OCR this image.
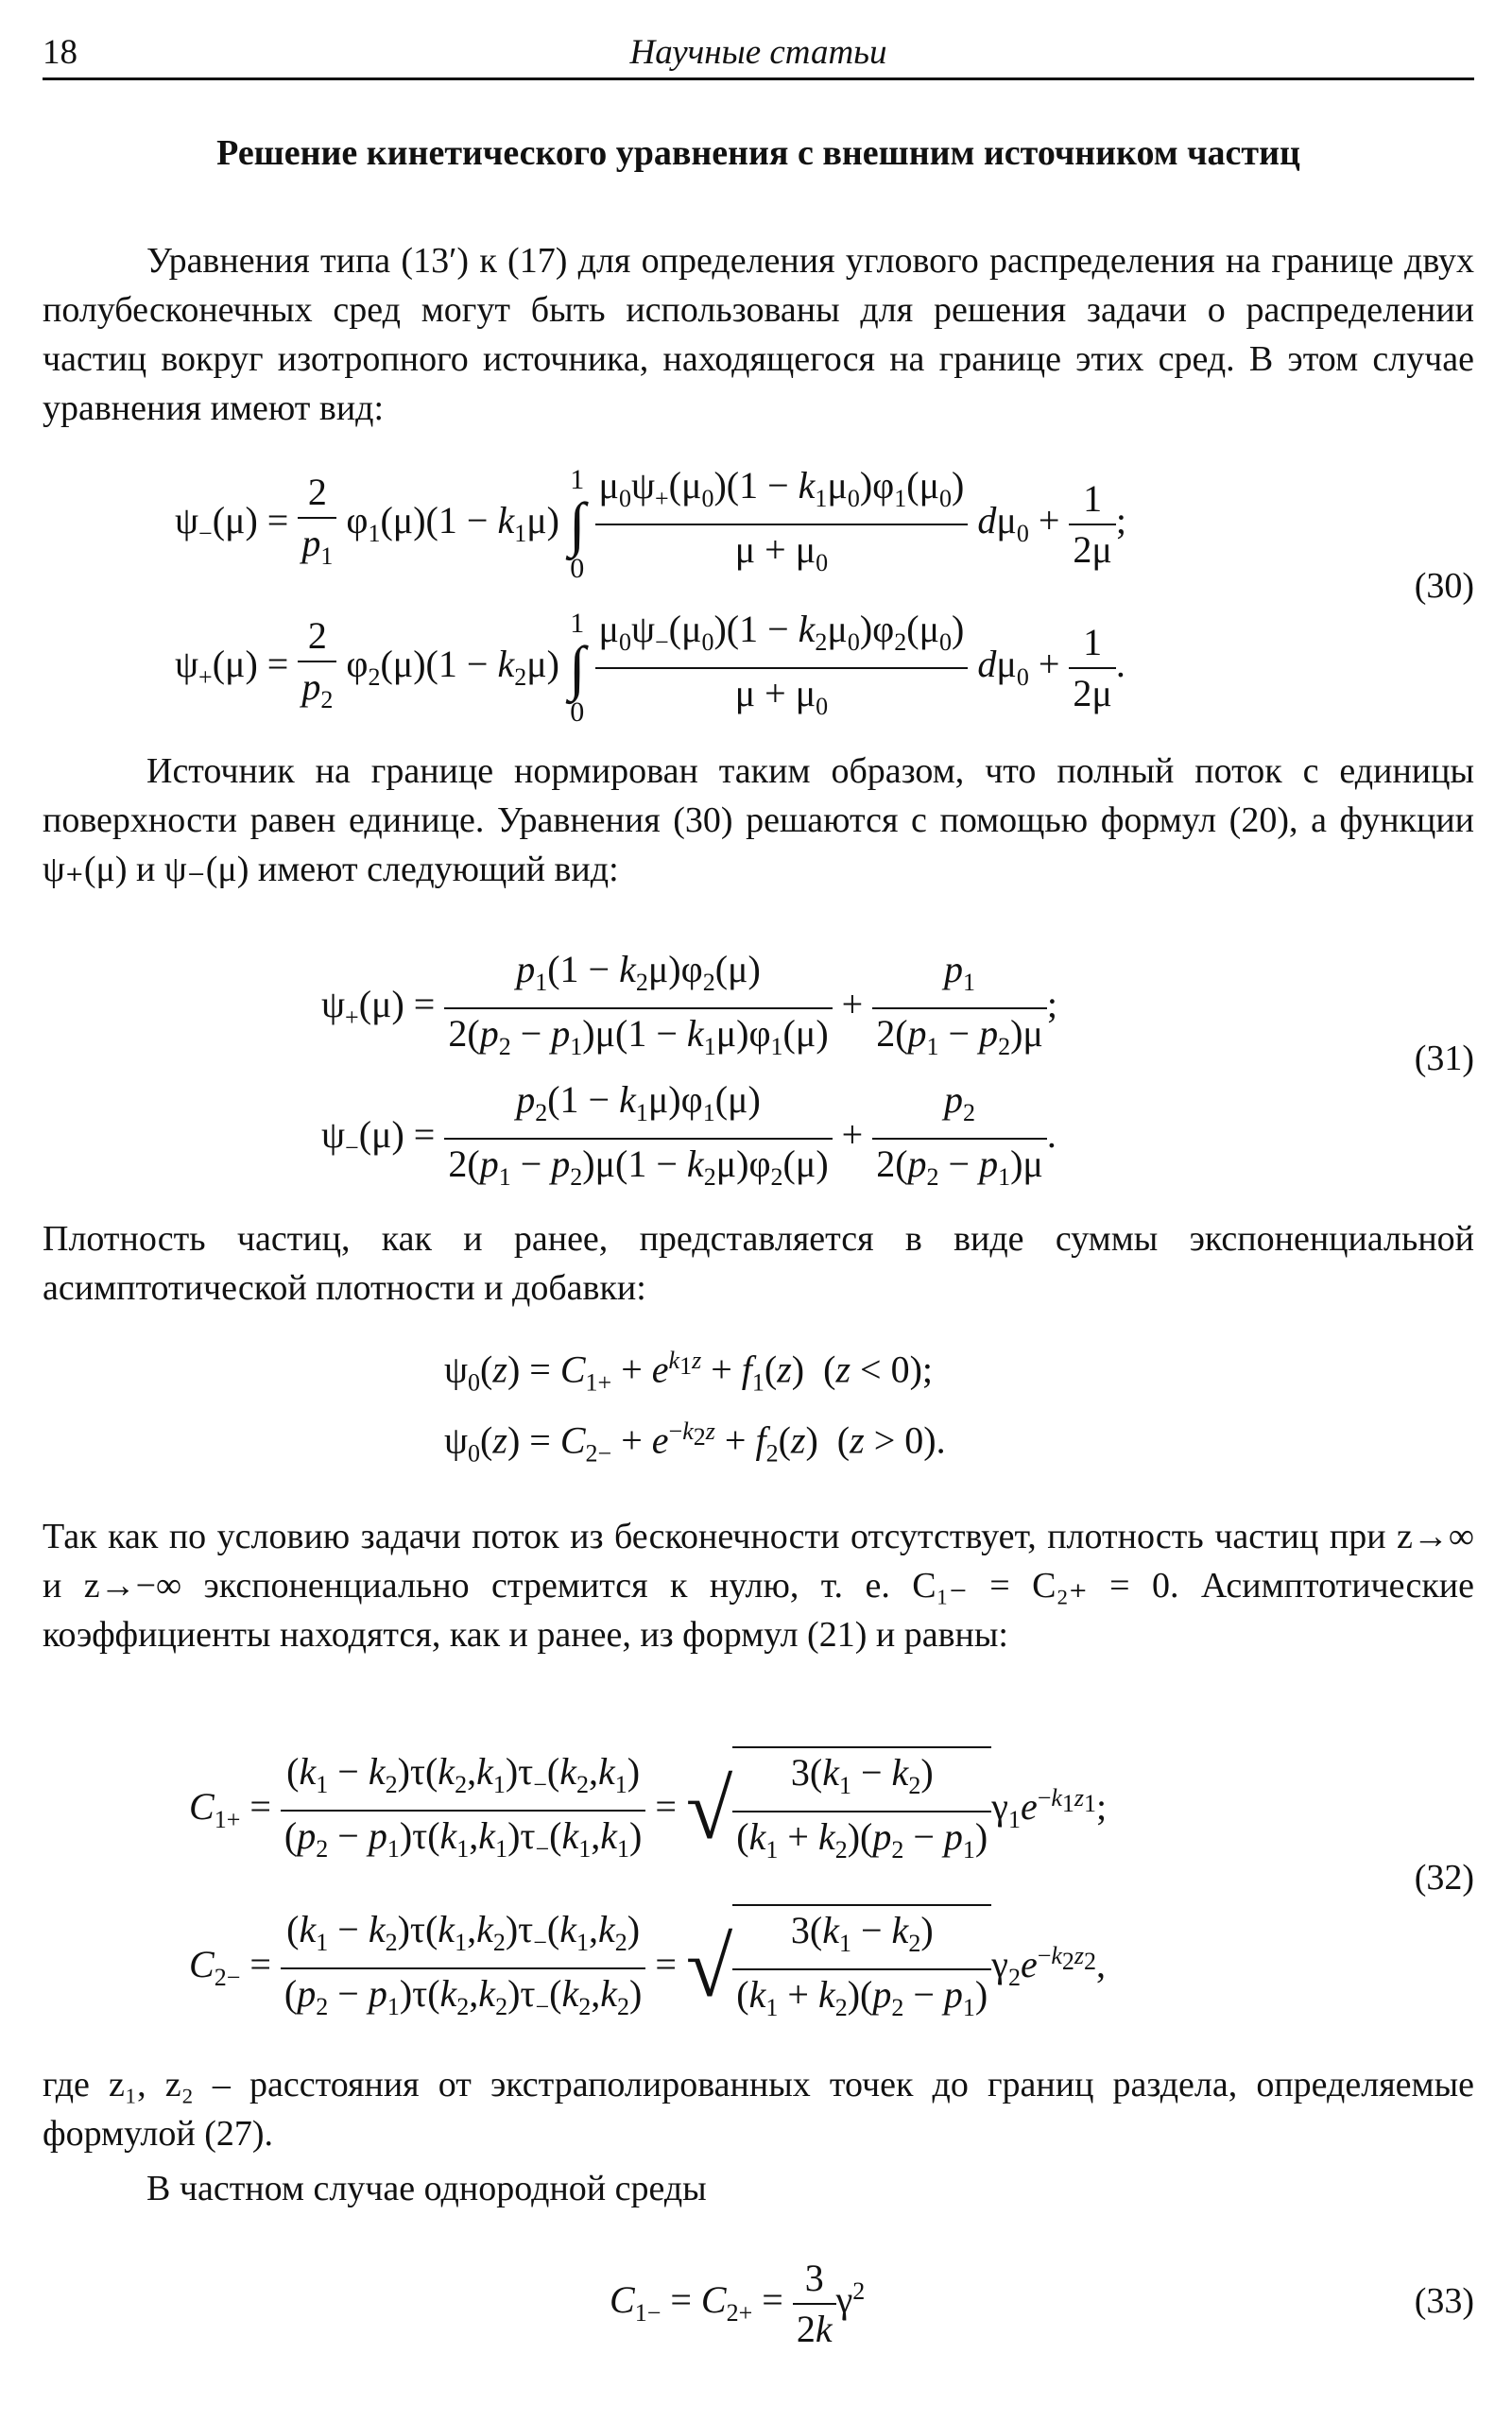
18	Научные статьи
Решение кинетического уравнения с внешним источником частиц

Уравнения типа (13′) к (17) для определения углового распределения на границе двух полубесконечных сред могут быть использованы для решения задачи о распределении частиц вокруг изотропного источника, находящегося на границе этих сред. В этом случае уравнения имеют вид:

$\psi_-(\mu) = \frac{2}{p_1} \varphi_1(\mu)(1 - k_1\mu)$ 1
∫
$0 \frac{\mu_0\psi_+(\mu_0)(1 - k_1\mu_0)\varphi_1(\mu_0)}{\mu + \mu_0} d\mu_0 + \frac{1}{2\mu}$ ;
$\psi_+(\mu) = \frac{2}{p_2} \varphi_2(\mu)(1 - k_2\mu)$ 1
∫
$0 \frac{\mu_0\psi_-(\mu_0)(1 - k_2\mu_0)\varphi_2(\mu_0)}{\mu + \mu_0} d\mu_0 + \frac{1}{2\mu}$ .
(30)

Источник на границе нормирован таким образом, что полный поток с единицы поверхности равен единице. Уравнения (30) решаются с помощью формул (20), а функции ψ₊(μ) и ψ₋(μ) имеют следующий вид:

$\psi_+(\mu) = \frac{p_1(1 - k_2\mu)\varphi_2(\mu)}{2(p_2 - p_1)\mu(1 - k_1\mu)\varphi_1(\mu)} + \frac{p_1}{2(p_1 - p_2)\mu}$ ;
$\psi_-(\mu) = \frac{p_2(1 - k_1\mu)\varphi_1(\mu)}{2(p_1 - p_2)\mu(1 - k_2\mu)\varphi_2(\mu)} + \frac{p_2}{2(p_2 - p_1)\mu}$ .
(31)

Плотность частиц, как и ранее, представляется в виде суммы экспоненциальной асимптотической плотности и добавки:

$\psi_0(z) = C_{1+} + e^{k_1z} + f_1(z) (z < 0)$;
$\psi_0(z) = C_{2-} + e^{-k_2z} + f_2(z) (z > 0)$.

Так как по условию задачи поток из бесконечности отсутствует, плотность частиц при z→∞ и z→−∞ экспоненциально стремится к нулю, т. е. C₁₋ = C₂₊ = 0. Асимптотические коэффициенты находятся, как и ранее, из формул (21) и равны:

$C_{1+} = \frac{(k_1 - k_2)\tau(k_2,k_1)\tau_-(k_2,k_1)}{(p_2 - p_1)\tau(k_1,k_1)\tau_-(k_1,k_1)}$ = √ $\frac{3(k_1 - k_2)}{(k_1 + k_2)(p_2 - p_1)} \gamma_1e^{-k_1z_1}$;
$C_{2-} = \frac{(k_1 - k_2)\tau(k_1,k_2)\tau_-(k_1,k_2)}{(p_2 - p_1)\tau(k_2,k_2)\tau_-(k_2,k_2)}$ = √ $\frac{3(k_1 - k_2)}{(k_1 + k_2)(p_2 - p_1)} \gamma_2e^{-k_2z_2}$,
(32)

где z₁, z₂ – расстояния от экстраполированных точек до границ раздела, определяемые формулой (27).

В частном случае однородной среды

$C_{1-} = C_{2+} = \frac{3}{2k} \gamma^2$	(33)
